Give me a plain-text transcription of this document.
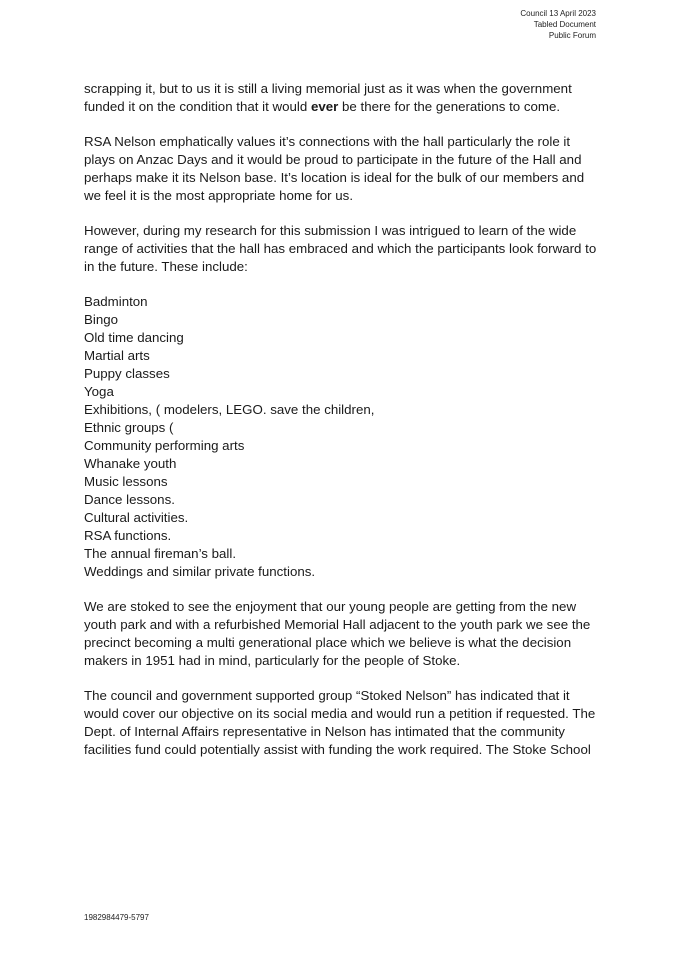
Council 13 April 2023
Tabled Document
Public Forum
scrapping it, but to us it is still a living memorial just as it was when the government
funded it on the condition that it would ever be there for the generations to come.
RSA Nelson emphatically values it’s connections with the hall particularly the role it
plays on Anzac Days and it would be proud to participate in the future of the Hall and
perhaps make it its Nelson base. It’s location is ideal for the bulk of our members and
we feel it is the most appropriate home for us.
However, during my research for this submission I was intrigued to learn of the wide
range of activities that the hall has embraced and which the participants look forward to
in the future. These include:
Badminton
Bingo
Old time dancing
Martial arts
Puppy classes
Yoga
Exhibitions, ( modelers, LEGO. save the children,
Ethnic groups (
Community performing arts
Whanake youth
Music lessons
Dance lessons.
Cultural activities.
RSA functions.
The annual fireman’s ball.
Weddings and similar private functions.
We are stoked to see the enjoyment that our young people are getting from the new
youth park and with a refurbished Memorial Hall adjacent to the youth park we see the
precinct becoming a multi generational place which we believe is what the decision
makers in 1951 had in mind, particularly for the people of Stoke.
The council and government supported group “Stoked Nelson” has indicated that it
would cover our objective on its social media and would run a petition if requested. The
Dept. of Internal Affairs representative in Nelson has intimated that the community
facilities fund could potentially assist with funding the work required. The Stoke School
1982984479-5797
